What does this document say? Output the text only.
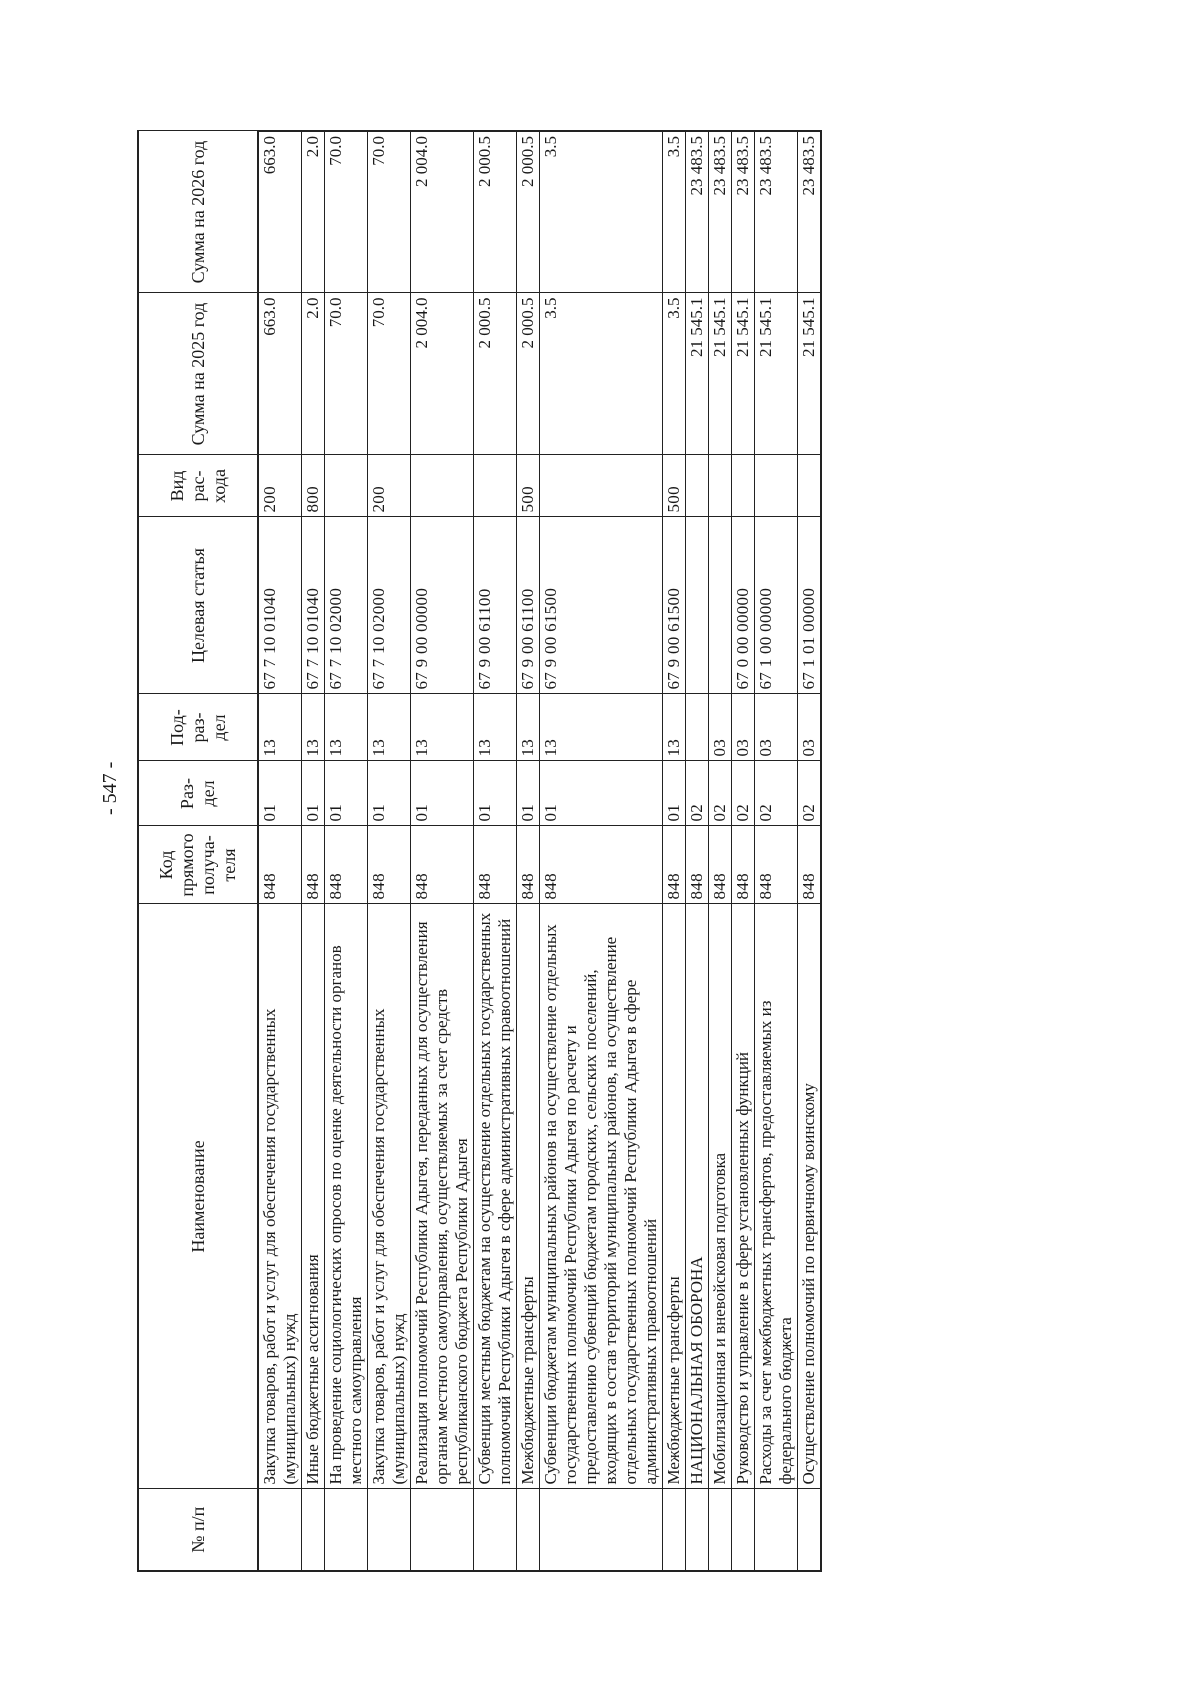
- 547 -
№ п/п	Наименование	Код прямого получа- теля	Раз- дел	Под- раз- дел	Целевая статья	Вид рас- хода	Сумма на 2025 год	Сумма на 2026 год
	Закупка товаров, работ и услуг для обеспечения государственных (муниципальных) нужд	848	01	13	67 7 10 01040	200	663.0	663.0
	Иные бюджетные ассигнования	848	01	13	67 7 10 01040	800	2.0	2.0
	На проведение социологических опросов по оценке деятельности органов местного самоуправления	848	01	13	67 7 10 02000		70.0	70.0
	Закупка товаров, работ и услуг для обеспечения государственных (муниципальных) нужд	848	01	13	67 7 10 02000	200	70.0	70.0
	Реализация полномочий Республики Адыгея, переданных для осуществления органам местного самоуправления, осуществляемых за счет средств республиканского бюджета Республики Адыгея	848	01	13	67 9 00 00000		2 004.0	2 004.0
	Субвенции местным бюджетам на осуществление отдельных государственных полномочий Республики Адыгея в сфере административных правоотношений	848	01	13	67 9 00 61100		2 000.5	2 000.5
	Межбюджетные трансферты	848	01	13	67 9 00 61100	500	2 000.5	2 000.5
	Субвенции бюджетам муниципальных районов на осуществление отдельных государственных полномочий Республики Адыгея по расчету и предоставлению субвенций бюджетам городских, сельских поселений, входящих в состав территорий муниципальных районов, на осуществление отдельных государственных полномочий Республики Адыгея в сфере административных правоотношений	848	01	13	67 9 00 61500		3.5	3.5
	Межбюджетные трансферты	848	01	13	67 9 00 61500	500	3.5	3.5
	НАЦИОНАЛЬНАЯ ОБОРОНА	848	02				21 545.1	23 483.5
	Мобилизационная и вневойсковая подготовка	848	02	03			21 545.1	23 483.5
	Руководство и управление в сфере установленных функций	848	02	03	67 0 00 00000		21 545.1	23 483.5
	Расходы за счет межбюджетных трансфертов, предоставляемых из федерального бюджета	848	02	03	67 1 00 00000		21 545.1	23 483.5
	Осуществление полномочий по первичному воинскому	848	02	03	67 1 01 00000		21 545.1	23 483.5
